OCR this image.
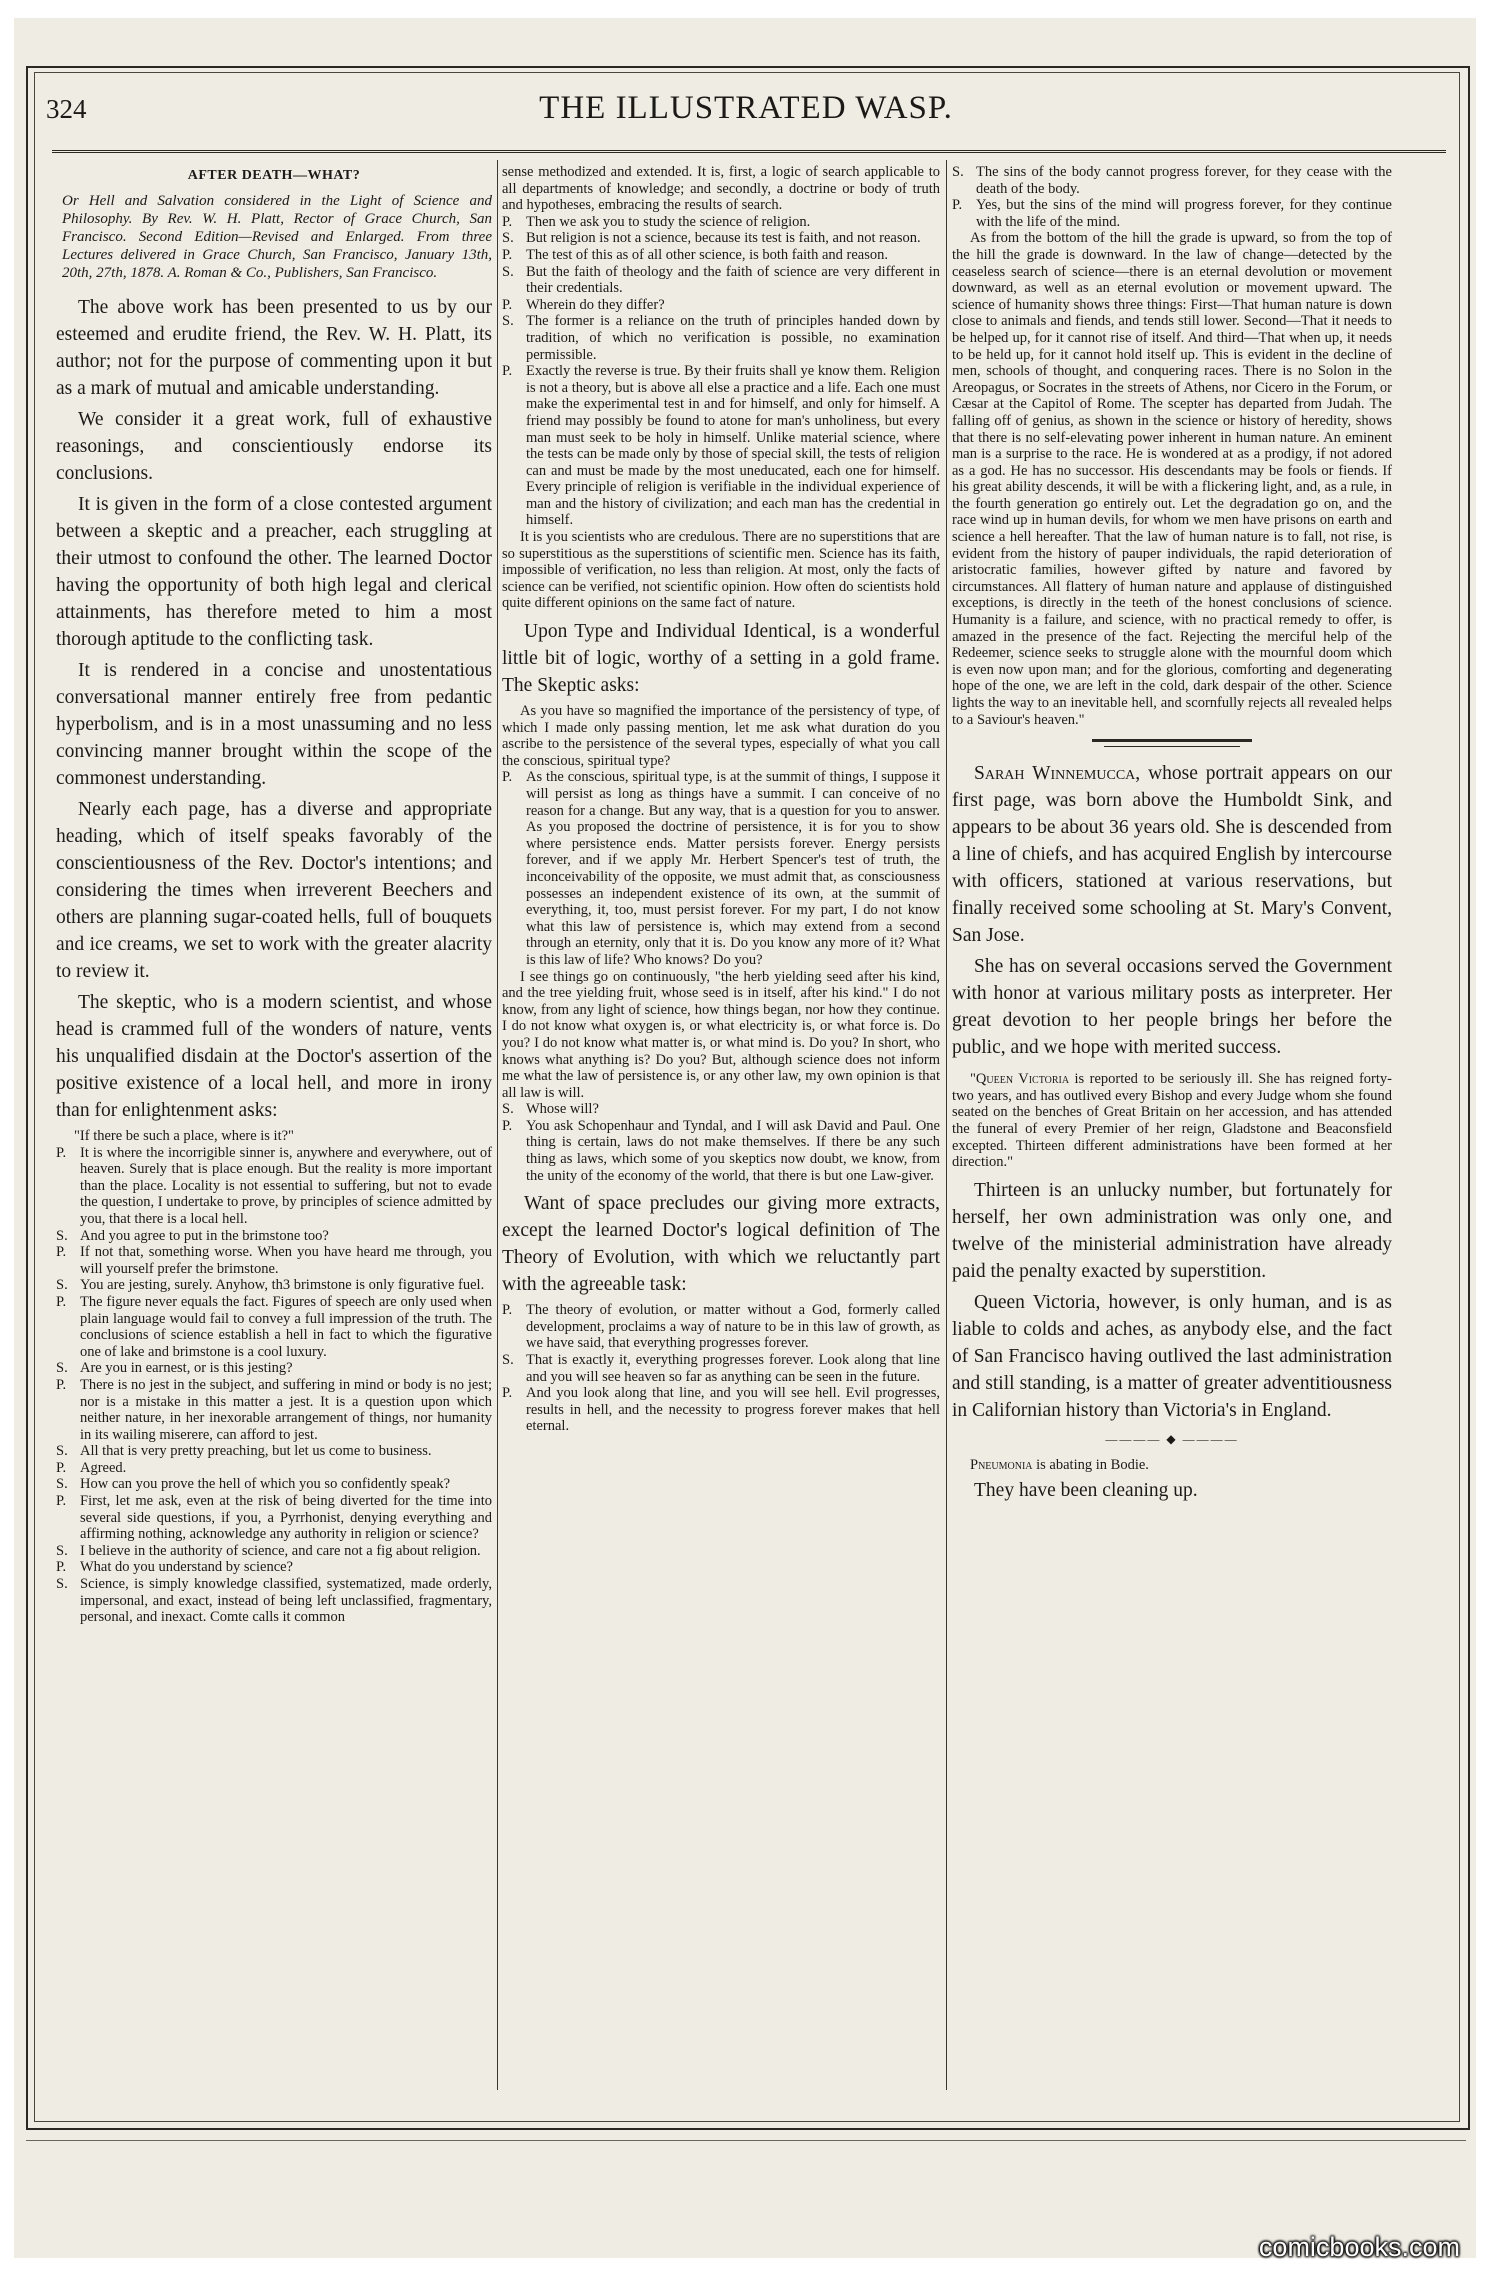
324	THE ILLUSTRATED WASP.
AFTER DEATH—WHAT?

Or Hell and Salvation considered in the Light of Science and Philosophy. By Rev. W. H. Platt, Rector of Grace Church, San Francisco. Second Edition—Revised and Enlarged. From three Lectures delivered in Grace Church, San Francisco, January 13th, 20th, 27th, 1878. A. Roman & Co., Publishers, San Francisco.

The above work has been presented to us by our esteemed and erudite friend, the Rev. W. H. Platt, its author; not for the purpose of commenting upon it but as a mark of mutual and amicable understanding.

We consider it a great work, full of exhaustive reasonings, and conscientiously endorse its conclusions.

It is given in the form of a close contested argument between a skeptic and a preacher, each struggling at their utmost to confound the other. The learned Doctor having the opportunity of both high legal and clerical attainments, has therefore meted to him a most thorough aptitude to the conflicting task.

It is rendered in a concise and unostentatious conversational manner entirely free from pedantic hyperbolism, and is in a most unassuming and no less convincing manner brought within the scope of the commonest understanding.

Nearly each page, has a diverse and appropriate heading, which of itself speaks favorably of the conscientiousness of the Rev. Doctor's intentions; and considering the times when irreverent Beechers and others are planning sugar-coated hells, full of bouquets and ice creams, we set to work with the greater alacrity to review it.

The skeptic, who is a modern scientist, and whose head is crammed full of the wonders of nature, vents his unqualified disdain at the Doctor's assertion of the positive existence of a local hell, and more in irony than for enlightenment asks:

"If there be such a place, where is it?"

P. It is where the incorrigible sinner is, anywhere and everywhere, out of heaven. Surely that is place enough. But the reality is more important than the place. Locality is not essential to suffering, but not to evade the question, I undertake to prove, by principles of science admitted by you, that there is a local hell.

S. And you agree to put in the brimstone too?

P. If not that, something worse. When you have heard me through, you will yourself prefer the brimstone.

S. You are jesting, surely. Anyhow, th3 brimstone is only figurative fuel.

P. The figure never equals the fact. Figures of speech are only used when plain language would fail to convey a full impression of the truth. The conclusions of science establish a hell in fact to which the figurative one of lake and brimstone is a cool luxury.

S. Are you in earnest, or is this jesting?

P. There is no jest in the subject, and suffering in mind or body is no jest; nor is a mistake in this matter a jest. It is a question upon which neither nature, in her inexorable arrangement of things, nor humanity in its wailing miserere, can afford to jest.

S. All that is very pretty preaching, but let us come to business.

P. Agreed.

S. How can you prove the hell of which you so confidently speak?

P. First, let me ask, even at the risk of being diverted for the time into several side questions, if you, a Pyrrhonist, denying everything and affirming nothing, acknowledge any authority in religion or science?

S. I believe in the authority of science, and care not a fig about religion.

P. What do you understand by science?

S. Science, is simply knowledge classified, systematized, made orderly, impersonal, and exact, instead of being left unclassified, fragmentary, personal, and inexact. Comte calls it common

sense methodized and extended. It is, first, a logic of search applicable to all departments of knowledge; and secondly, a doctrine or body of truth and hypotheses, embracing the results of search.

P. Then we ask you to study the science of religion.

S. But religion is not a science, because its test is faith, and not reason.

P. The test of this as of all other science, is both faith and reason.

S. But the faith of theology and the faith of science are very different in their credentials.

P. Wherein do they differ?

S. The former is a reliance on the truth of principles handed down by tradition, of which no verification is possible, no examination permissible.

P. Exactly the reverse is true. By their fruits shall ye know them. Religion is not a theory, but is above all else a practice and a life. Each one must make the experimental test in and for himself, and only for himself. A friend may possibly be found to atone for man's unholiness, but every man must seek to be holy in himself. Unlike material science, where the tests can be made only by those of special skill, the tests of religion can and must be made by the most uneducated, each one for himself. Every principle of religion is verifiable in the individual experience of man and the history of civilization; and each man has the credential in himself.

It is you scientists who are credulous. There are no superstitions that are so superstitious as the superstitions of scientific men. Science has its faith, impossible of verification, no less than religion. At most, only the facts of science can be verified, not scientific opinion. How often do scientists hold quite different opinions on the same fact of nature.

Upon Type and Individual Identical, is a wonderful little bit of logic, worthy of a setting in a gold frame. The Skeptic asks:

As you have so magnified the importance of the persistency of type, of which I made only passing mention, let me ask what duration do you ascribe to the persistence of the several types, especially of what you call the conscious, spiritual type?

P. As the conscious, spiritual type, is at the summit of things, I suppose it will persist as long as things have a summit. I can conceive of no reason for a change. But any way, that is a question for you to answer. As you proposed the doctrine of persistence, it is for you to show where persistence ends. Matter persists forever. Energy persists forever, and if we apply Mr. Herbert Spencer's test of truth, the inconceivability of the opposite, we must admit that, as consciousness possesses an independent existence of its own, at the summit of everything, it, too, must persist forever. For my part, I do not know what this law of persistence is, which may extend from a second through an eternity, only that it is. Do you know any more of it? What is this law of life? Who knows? Do you?

I see things go on continuously, "the herb yielding seed after his kind, and the tree yielding fruit, whose seed is in itself, after his kind." I do not know, from any light of science, how things began, nor how they continue. I do not know what oxygen is, or what electricity is, or what force is. Do you? I do not know what matter is, or what mind is. Do you? In short, who knows what anything is? Do you? But, although science does not inform me what the law of persistence is, or any other law, my own opinion is that all law is will.

S. Whose will?

P. You ask Schopenhaur and Tyndal, and I will ask David and Paul. One thing is certain, laws do not make themselves. If there be any such thing as laws, which some of you skeptics now doubt, we know, from the unity of the economy of the world, that there is but one Law-giver.

Want of space precludes our giving more extracts, except the learned Doctor's logical definition of The Theory of Evolution, with which we reluctantly part with the agreeable task:

P. The theory of evolution, or matter without a God, formerly called development, proclaims a way of nature to be in this law of growth, as we have said, that everything progresses forever.

S. That is exactly it, everything progresses forever. Look along that line and you will see heaven so far as anything can be seen in the future.

P. And you look along that line, and you will see hell. Evil progresses, results in hell, and the necessity to progress forever makes that hell eternal.

S. The sins of the body cannot progress forever, for they cease with the death of the body.

P. Yes, but the sins of the mind will progress forever, for they continue with the life of the mind.

As from the bottom of the hill the grade is upward, so from the top of the hill the grade is downward. In the law of change—detected by the ceaseless search of science—there is an eternal devolution or movement downward, as well as an eternal evolution or movement upward. The science of humanity shows three things: First—That human nature is down close to animals and fiends, and tends still lower. Second—That it needs to be helped up, for it cannot rise of itself. And third—That when up, it needs to be held up, for it cannot hold itself up. This is evident in the decline of men, schools of thought, and conquering races. There is no Solon in the Areopagus, or Socrates in the streets of Athens, nor Cicero in the Forum, or Cæsar at the Capitol of Rome. The scepter has departed from Judah. The falling off of genius, as shown in the science or history of heredity, shows that there is no self-elevating power inherent in human nature. An eminent man is a surprise to the race. He is wondered at as a prodigy, if not adored as a god. He has no successor. His descendants may be fools or fiends. If his great ability descends, it will be with a flickering light, and, as a rule, in the fourth generation go entirely out. Let the degradation go on, and the race wind up in human devils, for whom we men have prisons on earth and science a hell hereafter. That the law of human nature is to fall, not rise, is evident from the history of pauper individuals, the rapid deterioration of aristocratic families, however gifted by nature and favored by circumstances. All flattery of human nature and applause of distinguished exceptions, is directly in the teeth of the honest conclusions of science. Humanity is a failure, and science, with no practical remedy to offer, is amazed in the presence of the fact. Rejecting the merciful help of the Redeemer, science seeks to struggle alone with the mournful doom which is even now upon man; and for the glorious, comforting and degenerating hope of the one, we are left in the cold, dark despair of the other. Science lights the way to an inevitable hell, and scornfully rejects all revealed helps to a Saviour's heaven."

Sarah Winnemucca, whose portrait appears on our first page, was born above the Humboldt Sink, and appears to be about 36 years old. She is descended from a line of chiefs, and has acquired English by intercourse with officers, stationed at various reservations, but finally received some schooling at St. Mary's Convent, San Jose.

She has on several occasions served the Government with honor at various military posts as interpreter. Her great devotion to her people brings her before the public, and we hope with merited success.

"Queen Victoria is reported to be seriously ill. She has reigned forty-two years, and has outlived every Bishop and every Judge whom she found seated on the benches of Great Britain on her accession, and has attended the funeral of every Premier of her reign, Gladstone and Beaconsfield excepted. Thirteen different administrations have been formed at her direction."

Thirteen is an unlucky number, but fortunately for herself, her own administration was only one, and twelve of the ministerial administration have already paid the penalty exacted by superstition.

Queen Victoria, however, is only human, and is as liable to colds and aches, as anybody else, and the fact of San Francisco having outlived the last administration and still standing, is a matter of greater adventitiousness in Californian history than Victoria's in England.

———— ◆ ————

Pneumonia is abating in Bodie.

They have been cleaning up.

comicbooks.com
